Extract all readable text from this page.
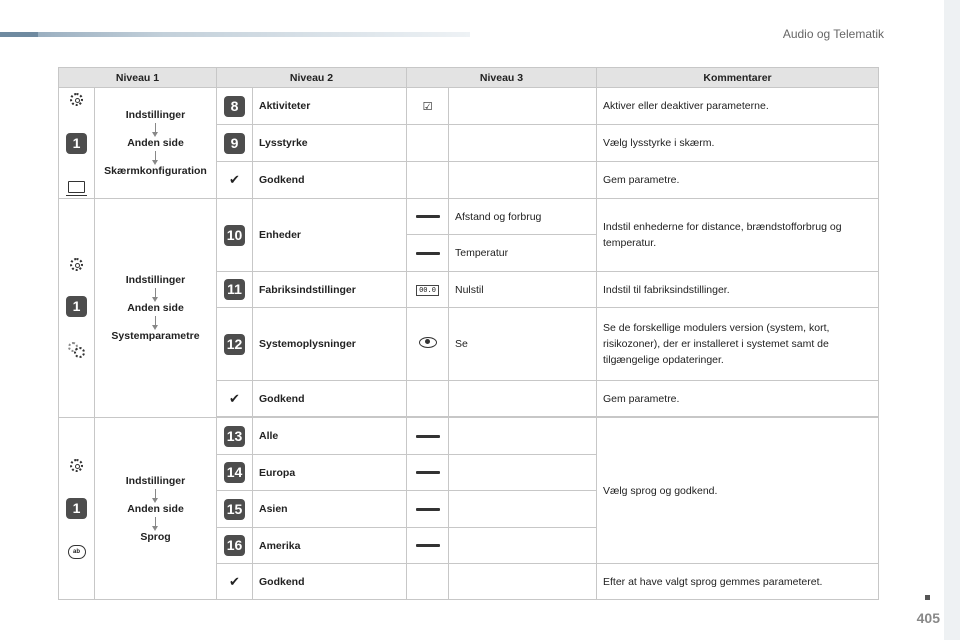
Audio og Telematik
Niveau 1		Niveau 2		Niveau 3		Kommentarer

1	Indstillinger
Anden side
Skærmkonfiguration	8	Aktiviteter	☑		Aktiver eller deaktiver parameterne.
		9	Lysstyrke			Vælg lysstyrke i skærm.
		✔	Godkend			Gem parametre.

1	Indstillinger
Anden side
Systemparametre	10	Enheder		Afstand og forbrug	Indstil enhederne for distance, brændstofforbrug og temperatur.
					Temperatur	
		11	Fabriksindstillinger	00.0	Nulstil	Indstil til fabriksindstillinger.
		12	Systemoplysninger		Se	Se de forskellige modulers version (system, kort, risikozoner), der er installeret i systemet samt de tilgængelige opdateringer.
		✔	Godkend			Gem parametre.

1
ab	Indstillinger
Anden side
Sprog	13	Alle			Vælg sprog og godkend.
		14	Europa			
		15	Asien			
		16	Amerika			
		✔	Godkend			Efter at have valgt sprog gemmes parameteret.
405
